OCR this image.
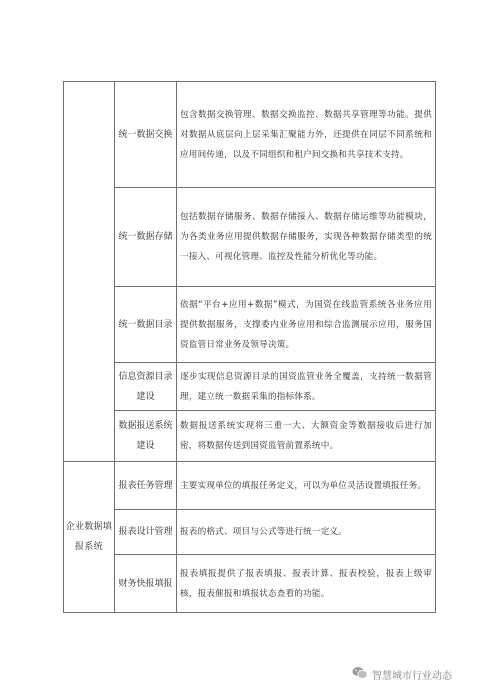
	统一数据交换	包含数据交换管理、数据交换监控、数据共享管理等功能。提供对数据从底层向上层采集汇聚能力外，还提供在同层不同系统和应用间传递，以及不同组织和租户间交换和共享技术支持。
	统一数据存储	包括数据存储服务、数据存储接入、数据存储运维等功能模块，为各类业务应用提供数据存储服务，实现各种数据存储类型的统一接入、可视化管理、监控及性能分析优化等功能。
	统一数据目录	依据“平台+应用+数据”模式，为国资在线监管系统各业务应用提供数据服务，支撑委内业务应用和综合监测展示应用，服务国资监管日常业务及领导决策。
	信息资源目录建设	逐步实现信息资源目录的国资监管业务全覆盖，支持统一数据管理，建立统一数据采集的指标体系。
	数据报送系统建设	数据报送系统实现将三重一大、大额资金等数据接收后进行加密，将数据传送到国资监管前置系统中。
企业数据填报系统	报表任务管理	主要实现单位的填报任务定义，可以为单位灵活设置填报任务。
	报表设计管理	报表的格式、项目与公式等进行统一定义。
	财务快报填报	报表填报提供了报表填报、报表计算、报表校验，报表上级审核，报表催报和填报状态查看的功能。
智慧城市行业动态
